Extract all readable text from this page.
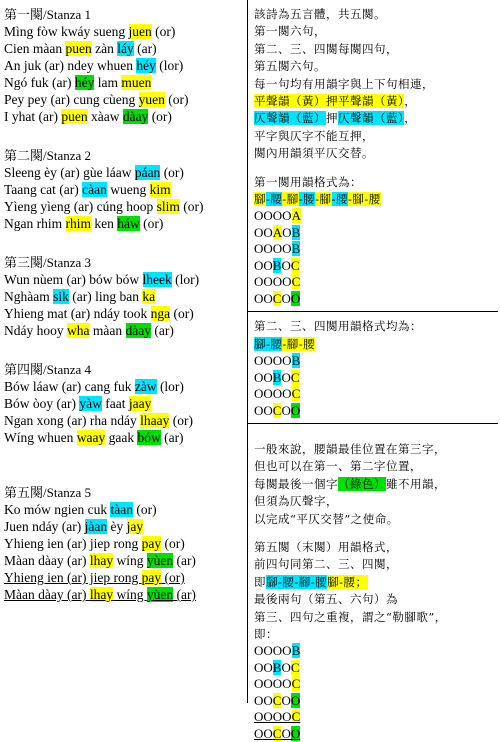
第一闋/Stanza 1
Mìng fòw kwáy sueng juen (or)
Cien màan puen zàn láy (ar)
An juk (ar) ndey whuen héy (lor)
Ngó fuk (ar) héy lam muen
Pey pey (ar) cung cùeng yuen (or)
I yhat (ar) puen xàaw dàay (or)
第二闋/Stanza 2
Sleeng èy (ar) gùe láaw páan (or)
Taang cat (ar) càan wueng kim
Yìeng yìeng (ar) cúng hoop slim (or)
Ngan rhim rhim ken háw (or)
第三闋/Stanza 3
Wun nùem (ar) bów bów lheek (lor)
Nghàam sik (ar) ling ban ka
Yhieng mat (ar) ndáy took nga (or)
Ndáy hooy wha màan dàay (ar)
第四闋/Stanza 4
Bów láaw (ar) cang fuk zàw (lor)
Bów òoy (ar) yàw faat jaay
Ngan xong (ar) rha ndáy lhaay (or)
Wíng whuen waay gaak bów (ar)
第五闋/Stanza 5
Ko mów ngien cuk tàan (or)
Juen ndáy (ar) jàan èy jay
Yhieng ien (ar) jiep rong pay (or)
Màan dàay (ar) lhay wíng yùen (ar)
Yhieng ien (ar) jiep rong pay (or)
Màan dàay (ar) lhay wíng yùen (ar)
該詩為五言體，共五闋。
第一闋六句，
第二、三、四闋每闋四句，
第五闋六句。
每一句均有用韻字與上下句相連，
平聲韻（黃）押平聲韻（黃），
仄聲韻（藍）押仄聲韻（藍），
平字與仄字不能互押，
闋內用韻須平仄交替。
第一闋用韻格式為：
腳-腰-腳-腰-腳-腰-腳-腰
OOOOA
OOAOB
OOOOB
OOBOC
OOOOC
OOCOO
第二、三、四闋用韻格式均為：
腳-腰-腳-腰
OOOOB
OOBOC
OOOOC
OOCOO
一般來說，腰韻最佳位置在第三字，
但也可以在第一、第二字位置，
每闋最後一個字（綠色）雖不用韻，
但須為仄聲字，
以完成“平仄交替”之使命。
第五闋（末闋）用韻格式，
前四句同第二、三、四闋，
即腳-腰-腳-腰腳-腰；
最後兩句（第五、六句）為
第三、四句之重複，謂之“勒腳歌”，
即：
OOOOB
OOBOC
OOOOC
OOCOO
OOOOC
OOCOO
